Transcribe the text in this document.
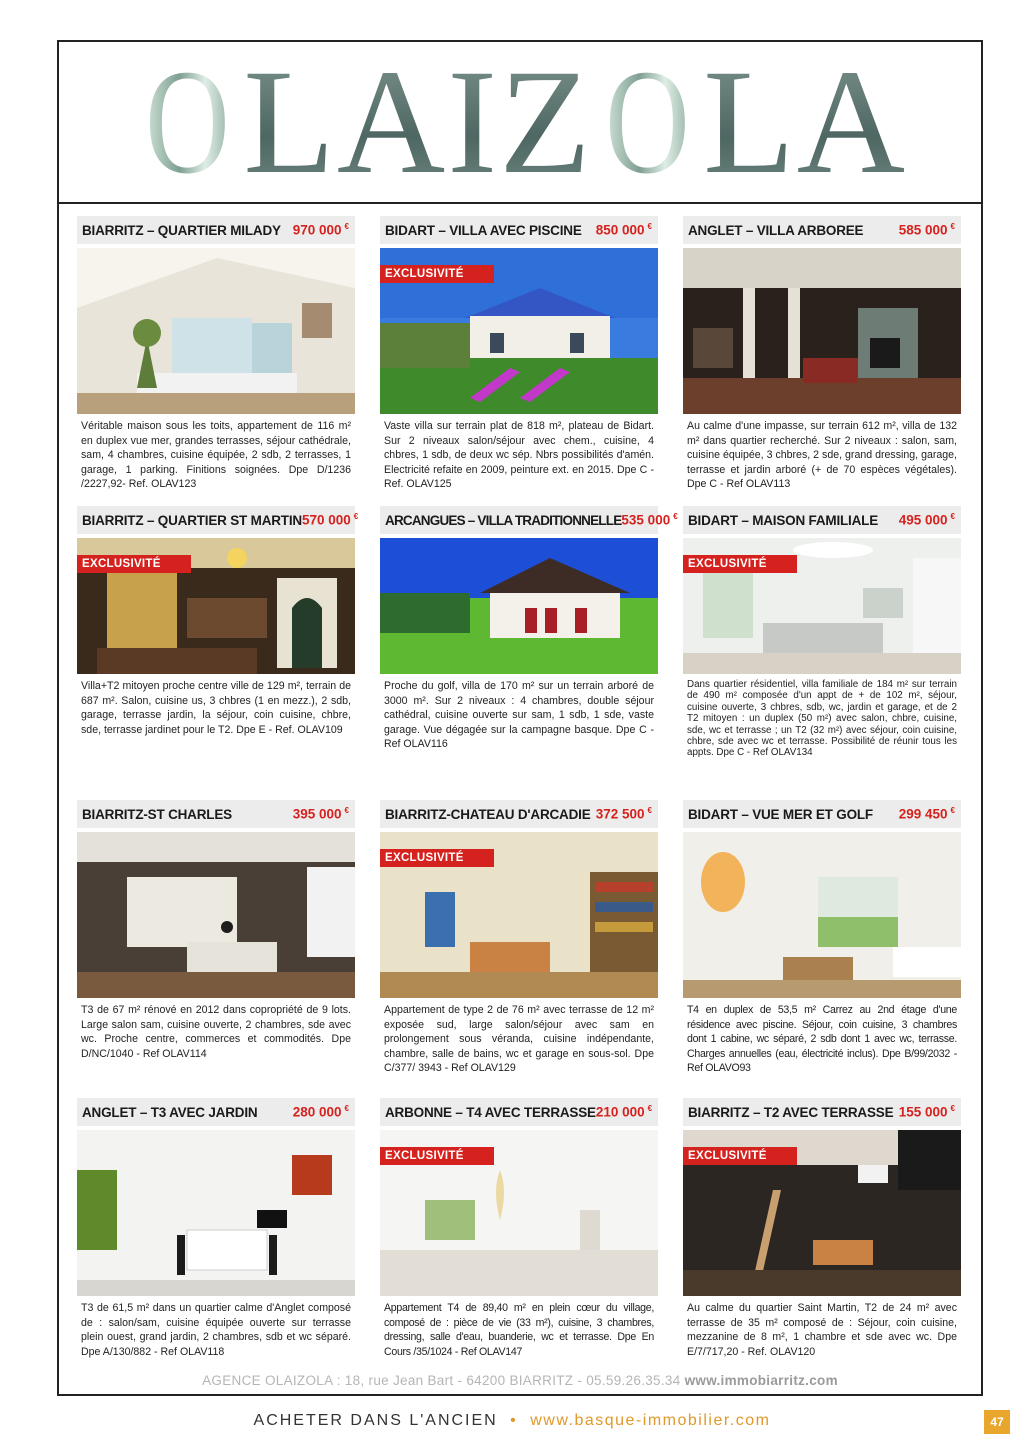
O LAIZ O LA
BIARRITZ – QUARTIER MILADY 970 000 €
Véritable maison sous les toits, appartement de 116 m² en duplex vue mer, grandes terrasses, séjour cathédrale, sam, 4 chambres, cuisine équipée, 2 sdb, 2 terrasses, 1 garage, 1 parking. Finitions soignées. Dpe D/1236 /2227,92- Ref. OLAV123
BIDART – VILLA AVEC PISCINE 850 000 €
EXCLUSIVITÉ
Vaste villa sur terrain plat de 818 m², plateau de Bidart. Sur 2 niveaux salon/séjour avec chem., cuisine, 4 chbres, 1 sdb, de deux wc sép. Nbrs possibilités d'amén. Electricité refaite en 2009, peinture ext. en 2015. Dpe C - Ref. OLAV125
ANGLET – VILLA ARBOREE	585 000 €
Au calme d'une impasse, sur terrain 612 m², villa de 132 m² dans quartier recherché. Sur 2 niveaux : salon, sam, cuisine équipée, 3 chbres, 2 sde, grand dressing, garage, terrasse et jardin arboré (+ de 70 espèces végétales). Dpe C - Ref OLAV113
BIARRITZ – QUARTIER ST MARTIN 570 000 €
EXCLUSIVITÉ
Villa+T2 mitoyen proche centre ville de 129 m², terrain de 687 m². Salon, cuisine us, 3 chbres (1 en mezz.), 2 sdb, garage, terrasse jardin, la séjour, coin cuisine, chbre, sde, terrasse jardinet pour le T2. Dpe E - Ref. OLAV109
ARCANGUES – VILLA TRADITIONNELLE 535 000 €
Proche du golf, villa de 170 m² sur un terrain arboré de 3000 m². Sur 2 niveaux : 4 chambres, double séjour cathédral, cuisine ouverte sur sam, 1 sdb, 1 sde, vaste garage. Vue dégagée sur la campagne basque. Dpe C - Ref OLAV116
BIDART – MAISON FAMILIALE 495 000 €
EXCLUSIVITÉ
Dans quartier résidentiel, villa familiale de 184 m² sur terrain de 490 m² composée d'un appt de + de 102 m², séjour, cuisine ouverte, 3 chbres, sdb, wc, jardin et garage, et de 2 T2 mitoyen : un duplex (50 m²) avec salon, chbre, cuisine, sde, wc et terrasse ; un T2 (32 m²) avec séjour, coin cuisine, chbre, sde avec wc et terrasse. Possibilité de réunir tous les appts. Dpe C - Ref OLAV134
BIARRITZ-ST CHARLES	395 000 €
T3 de 67 m² rénové en 2012 dans copropriété de 9 lots. Large salon sam, cuisine ouverte, 2 chambres, sde avec wc. Proche centre, commerces et commodités. Dpe D/NC/1040 - Ref OLAV114
BIARRITZ-CHATEAU D'ARCADIE 372 500 €
EXCLUSIVITÉ
Appartement de type 2 de 76 m² avec terrasse de 12 m² exposée sud, large salon/séjour avec sam en prolongement sous véranda, cuisine indépendante, chambre, salle de bains, wc et garage en sous-sol. Dpe C/377/ 3943 - Ref OLAV129
BIDART – VUE MER ET GOLF 299 450 €
T4 en duplex de 53,5 m² Carrez au 2nd étage d'une résidence avec piscine. Séjour, coin cuisine, 3 chambres dont 1 cabine, wc séparé, 2 sdb dont 1 avec wc, terrasse. Charges annuelles (eau, électricité inclus). Dpe B/99/2032 - Ref OLAVO93
ANGLET – T3 AVEC JARDIN	280 000 €
T3 de 61,5 m² dans un quartier calme d'Anglet composé de : salon/sam, cuisine équipée ouverte sur terrasse plein ouest, grand jardin, 2 chambres, sdb et wc séparé. Dpe A/130/882 - Ref OLAV118
ARBONNE – T4 AVEC TERRASSE 210 000 €
EXCLUSIVITÉ
Appartement T4 de 89,40 m² en plein cœur du village, composé de : pièce de vie (33 m²), cuisine, 3 chambres, dressing, salle d'eau, buanderie, wc et terrasse. Dpe En Cours /35/1024 - Ref OLAV147
BIARRITZ – T2 AVEC TERRASSE 155 000 €
EXCLUSIVITÉ
Au calme du quartier Saint Martin, T2 de 24 m² avec terrasse de 35 m² composé de : Séjour, coin cuisine, mezzanine de 8 m², 1 chambre et sde avec wc. Dpe E/7/717,20 - Ref. OLAV120
AGENCE OLAIZOLA : 18, rue Jean Bart - 64200 BIARRITZ - 05.59.26.35.34 www.immobiarritz.com
ACHETER DANS L'ANCIEN • www.basque-immobilier.com	47
